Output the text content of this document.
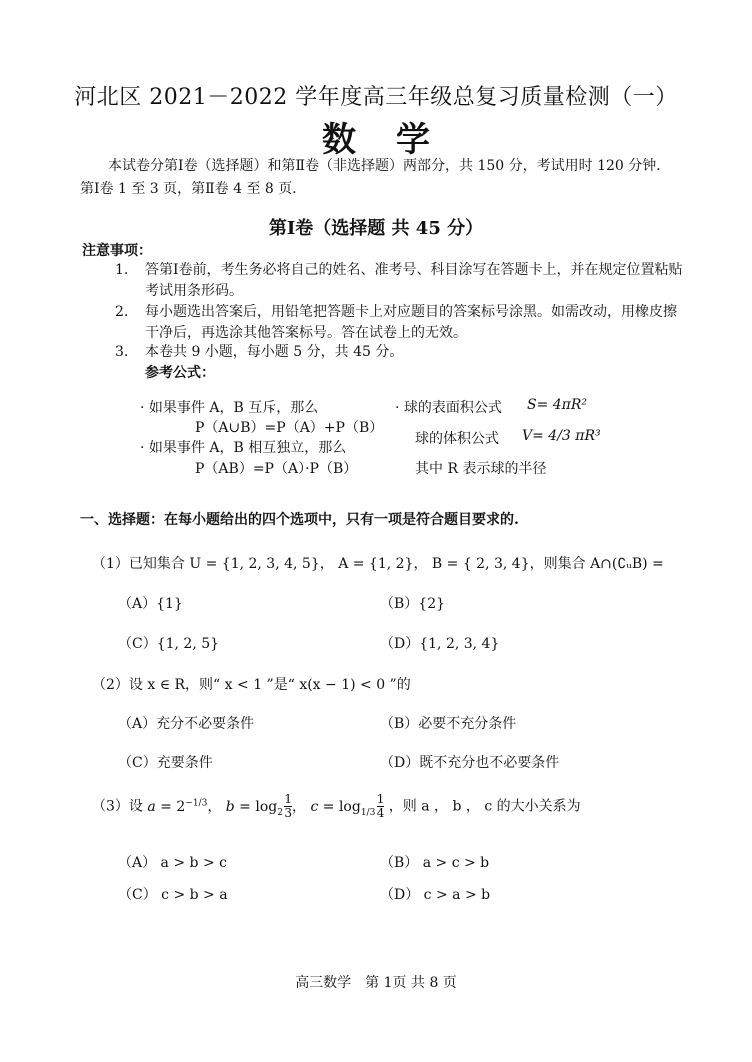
河北区 2021－2022 学年度高三年级总复习质量检测（一）
数学
本试卷分第Ⅰ卷（选择题）和第Ⅱ卷（非选择题）两部分，共 150 分，考试用时 120 分钟．第Ⅰ卷 1 至 3 页，第Ⅱ卷 4 至 8 页．
第Ⅰ卷（选择题 共 45 分）
注意事项：
1. 答第Ⅰ卷前，考生务必将自己的姓名、准考号、科目涂写在答题卡上，并在规定位置粘贴考试用条形码。
2. 每小题选出答案后，用铅笔把答题卡上对应题目的答案标号涂黑。如需改动，用橡皮擦干净后，再选涂其他答案标号。答在试卷上的无效。
3. 本卷共 9 小题，每小题 5 分，共 45 分。
参考公式：
· 如果事件 A，B 互斥，那么
P（A∪B）=P（A）+P（B）
· 如果事件 A，B 相互独立，那么
P（AB）=P（A）·P（B）
· 球的表面积公式 S= 4πR²
球的体积公式 V= 4/3 πR³
其中 R 表示球的半径
一、选择题：在每小题给出的四个选项中，只有一项是符合题目要求的.
（1）已知集合 U = {1, 2, 3, 4, 5}， A = {1, 2}， B = { 2, 3, 4}，则集合 A∩(∁ᵤB) =
（A）{1}	（B）{2}
（C）{1, 2, 5}	（D）{1, 2, 3, 4}
（2）设 x ∈ R，则“ x < 1 ”是“ x(x − 1) < 0 ”的
（A）充分不必要条件	（B）必要不充分条件
（C）充要条件	（D）既不充分也不必要条件
（3）设 $a = 2^{-1/3}$， $b = \log_2$  $\frac{1}{3}$ ， $c = \log_{1/3}$  $\frac{1}{4}$ ，则 a ， b ， c 的大小关系为
（A） a > b > c	（B） a > c > b
（C） c > b > a	（D） c > a > b
高三数学　第 1页 共 8 页
